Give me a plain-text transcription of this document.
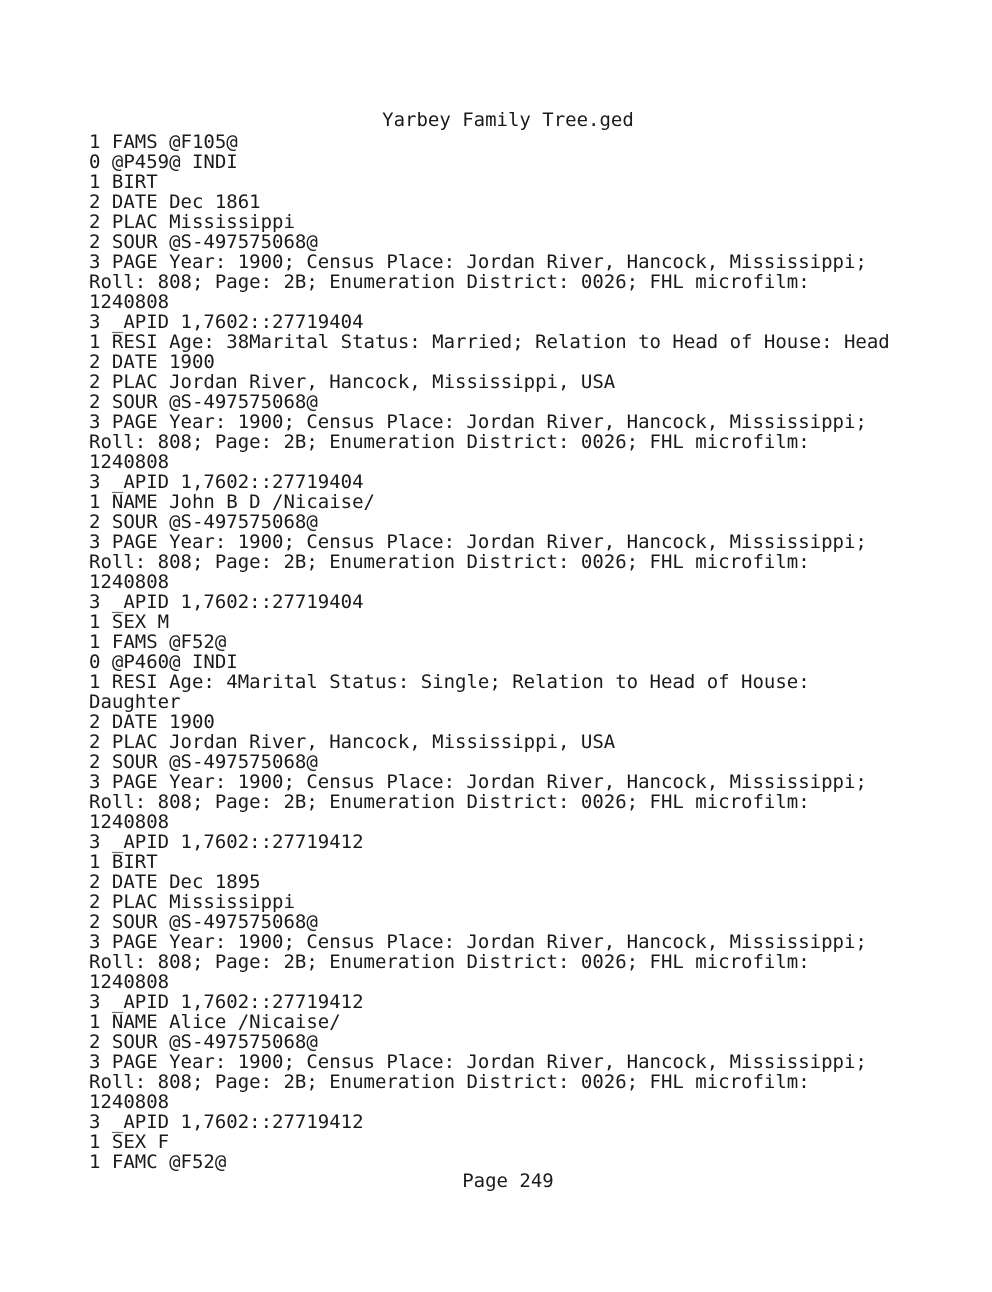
Yarbey Family Tree.ged
1 FAMS @F105@
0 @P459@ INDI
1 BIRT
2 DATE Dec 1861
2 PLAC Mississippi
2 SOUR @S-497575068@
3 PAGE Year: 1900; Census Place: Jordan River, Hancock, Mississippi;
Roll: 808; Page: 2B; Enumeration District: 0026; FHL microfilm:
1240808
3 _APID 1,7602::27719404
1 RESI Age: 38Marital Status: Married; Relation to Head of House: Head
2 DATE 1900
2 PLAC Jordan River, Hancock, Mississippi, USA
2 SOUR @S-497575068@
3 PAGE Year: 1900; Census Place: Jordan River, Hancock, Mississippi;
Roll: 808; Page: 2B; Enumeration District: 0026; FHL microfilm:
1240808
3 _APID 1,7602::27719404
1 NAME John B D /Nicaise/
2 SOUR @S-497575068@
3 PAGE Year: 1900; Census Place: Jordan River, Hancock, Mississippi;
Roll: 808; Page: 2B; Enumeration District: 0026; FHL microfilm:
1240808
3 _APID 1,7602::27719404
1 SEX M
1 FAMS @F52@
0 @P460@ INDI
1 RESI Age: 4Marital Status: Single; Relation to Head of House:
Daughter
2 DATE 1900
2 PLAC Jordan River, Hancock, Mississippi, USA
2 SOUR @S-497575068@
3 PAGE Year: 1900; Census Place: Jordan River, Hancock, Mississippi;
Roll: 808; Page: 2B; Enumeration District: 0026; FHL microfilm:
1240808
3 _APID 1,7602::27719412
1 BIRT
2 DATE Dec 1895
2 PLAC Mississippi
2 SOUR @S-497575068@
3 PAGE Year: 1900; Census Place: Jordan River, Hancock, Mississippi;
Roll: 808; Page: 2B; Enumeration District: 0026; FHL microfilm:
1240808
3 _APID 1,7602::27719412
1 NAME Alice /Nicaise/
2 SOUR @S-497575068@
3 PAGE Year: 1900; Census Place: Jordan River, Hancock, Mississippi;
Roll: 808; Page: 2B; Enumeration District: 0026; FHL microfilm:
1240808
3 _APID 1,7602::27719412
1 SEX F
1 FAMC @F52@
Page 249
